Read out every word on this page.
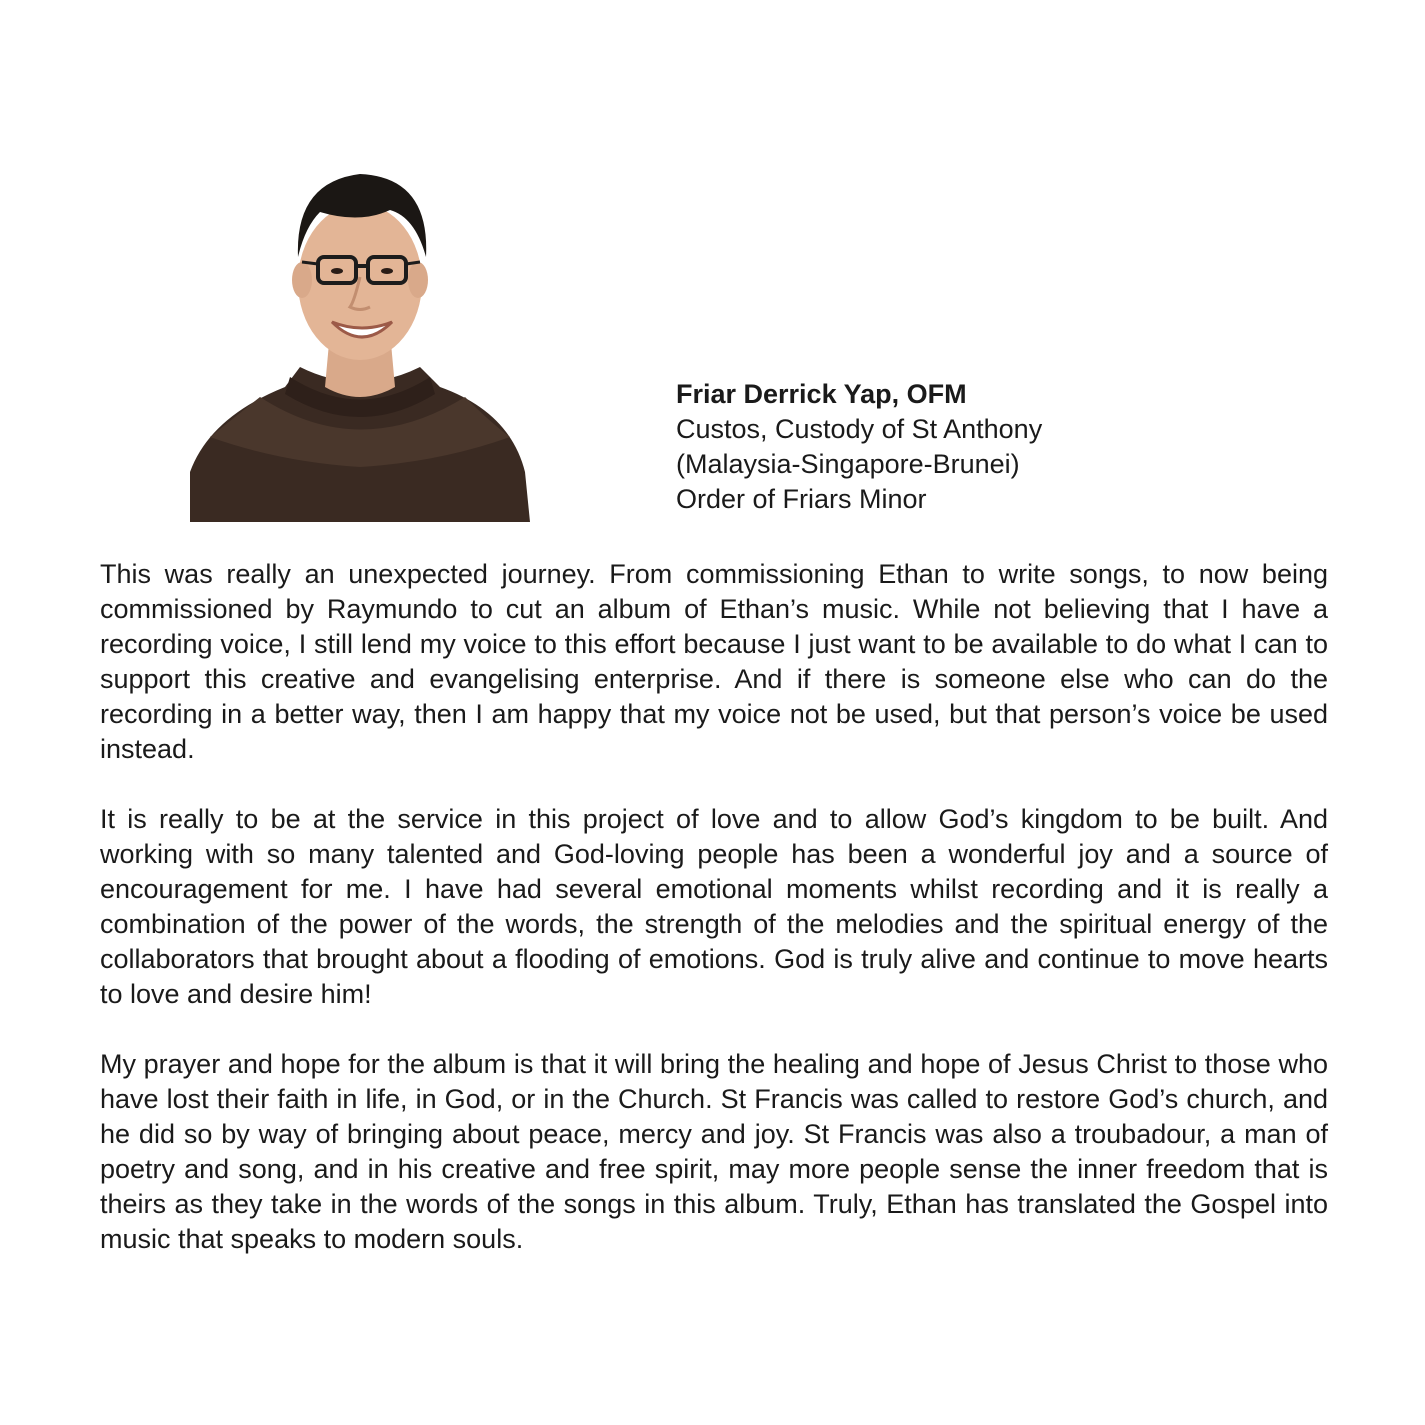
Friar Derrick Yap, OFM
Custos, Custody of St Anthony
(Malaysia-Singapore-Brunei)
Order of Friars Minor

This was really an unexpected journey. From commissioning Ethan to write songs, to now being commissioned by Raymundo to cut an album of Ethan’s music. While not believing that I have a recording voice, I still lend my voice to this effort because I just want to be available to do what I can to support this creative and evangelising enterprise. And if there is someone else who can do the recording in a better way, then I am happy that my voice not be used, but that person’s voice be used instead.

It is really to be at the service in this project of love and to allow God’s kingdom to be built. And working with so many talented and God-loving people has been a wonderful joy and a source of encouragement for me. I have had several emotional moments whilst recording and it is really a combination of the power of the words, the strength of the melodies and the spiritual energy of the collaborators that brought about a flooding of emotions. God is truly alive and continue to move hearts to love and desire him!

My prayer and hope for the album is that it will bring the healing and hope of Jesus Christ to those who have lost their faith in life, in God, or in the Church. St Francis was called to restore God’s church, and he did so by way of bringing about peace, mercy and joy. St Francis was also a troubadour, a man of poetry and song, and in his creative and free spirit, may more people sense the inner freedom that is theirs as they take in the words of the songs in this album. Truly, Ethan has translated the Gospel into music that speaks to modern souls.
